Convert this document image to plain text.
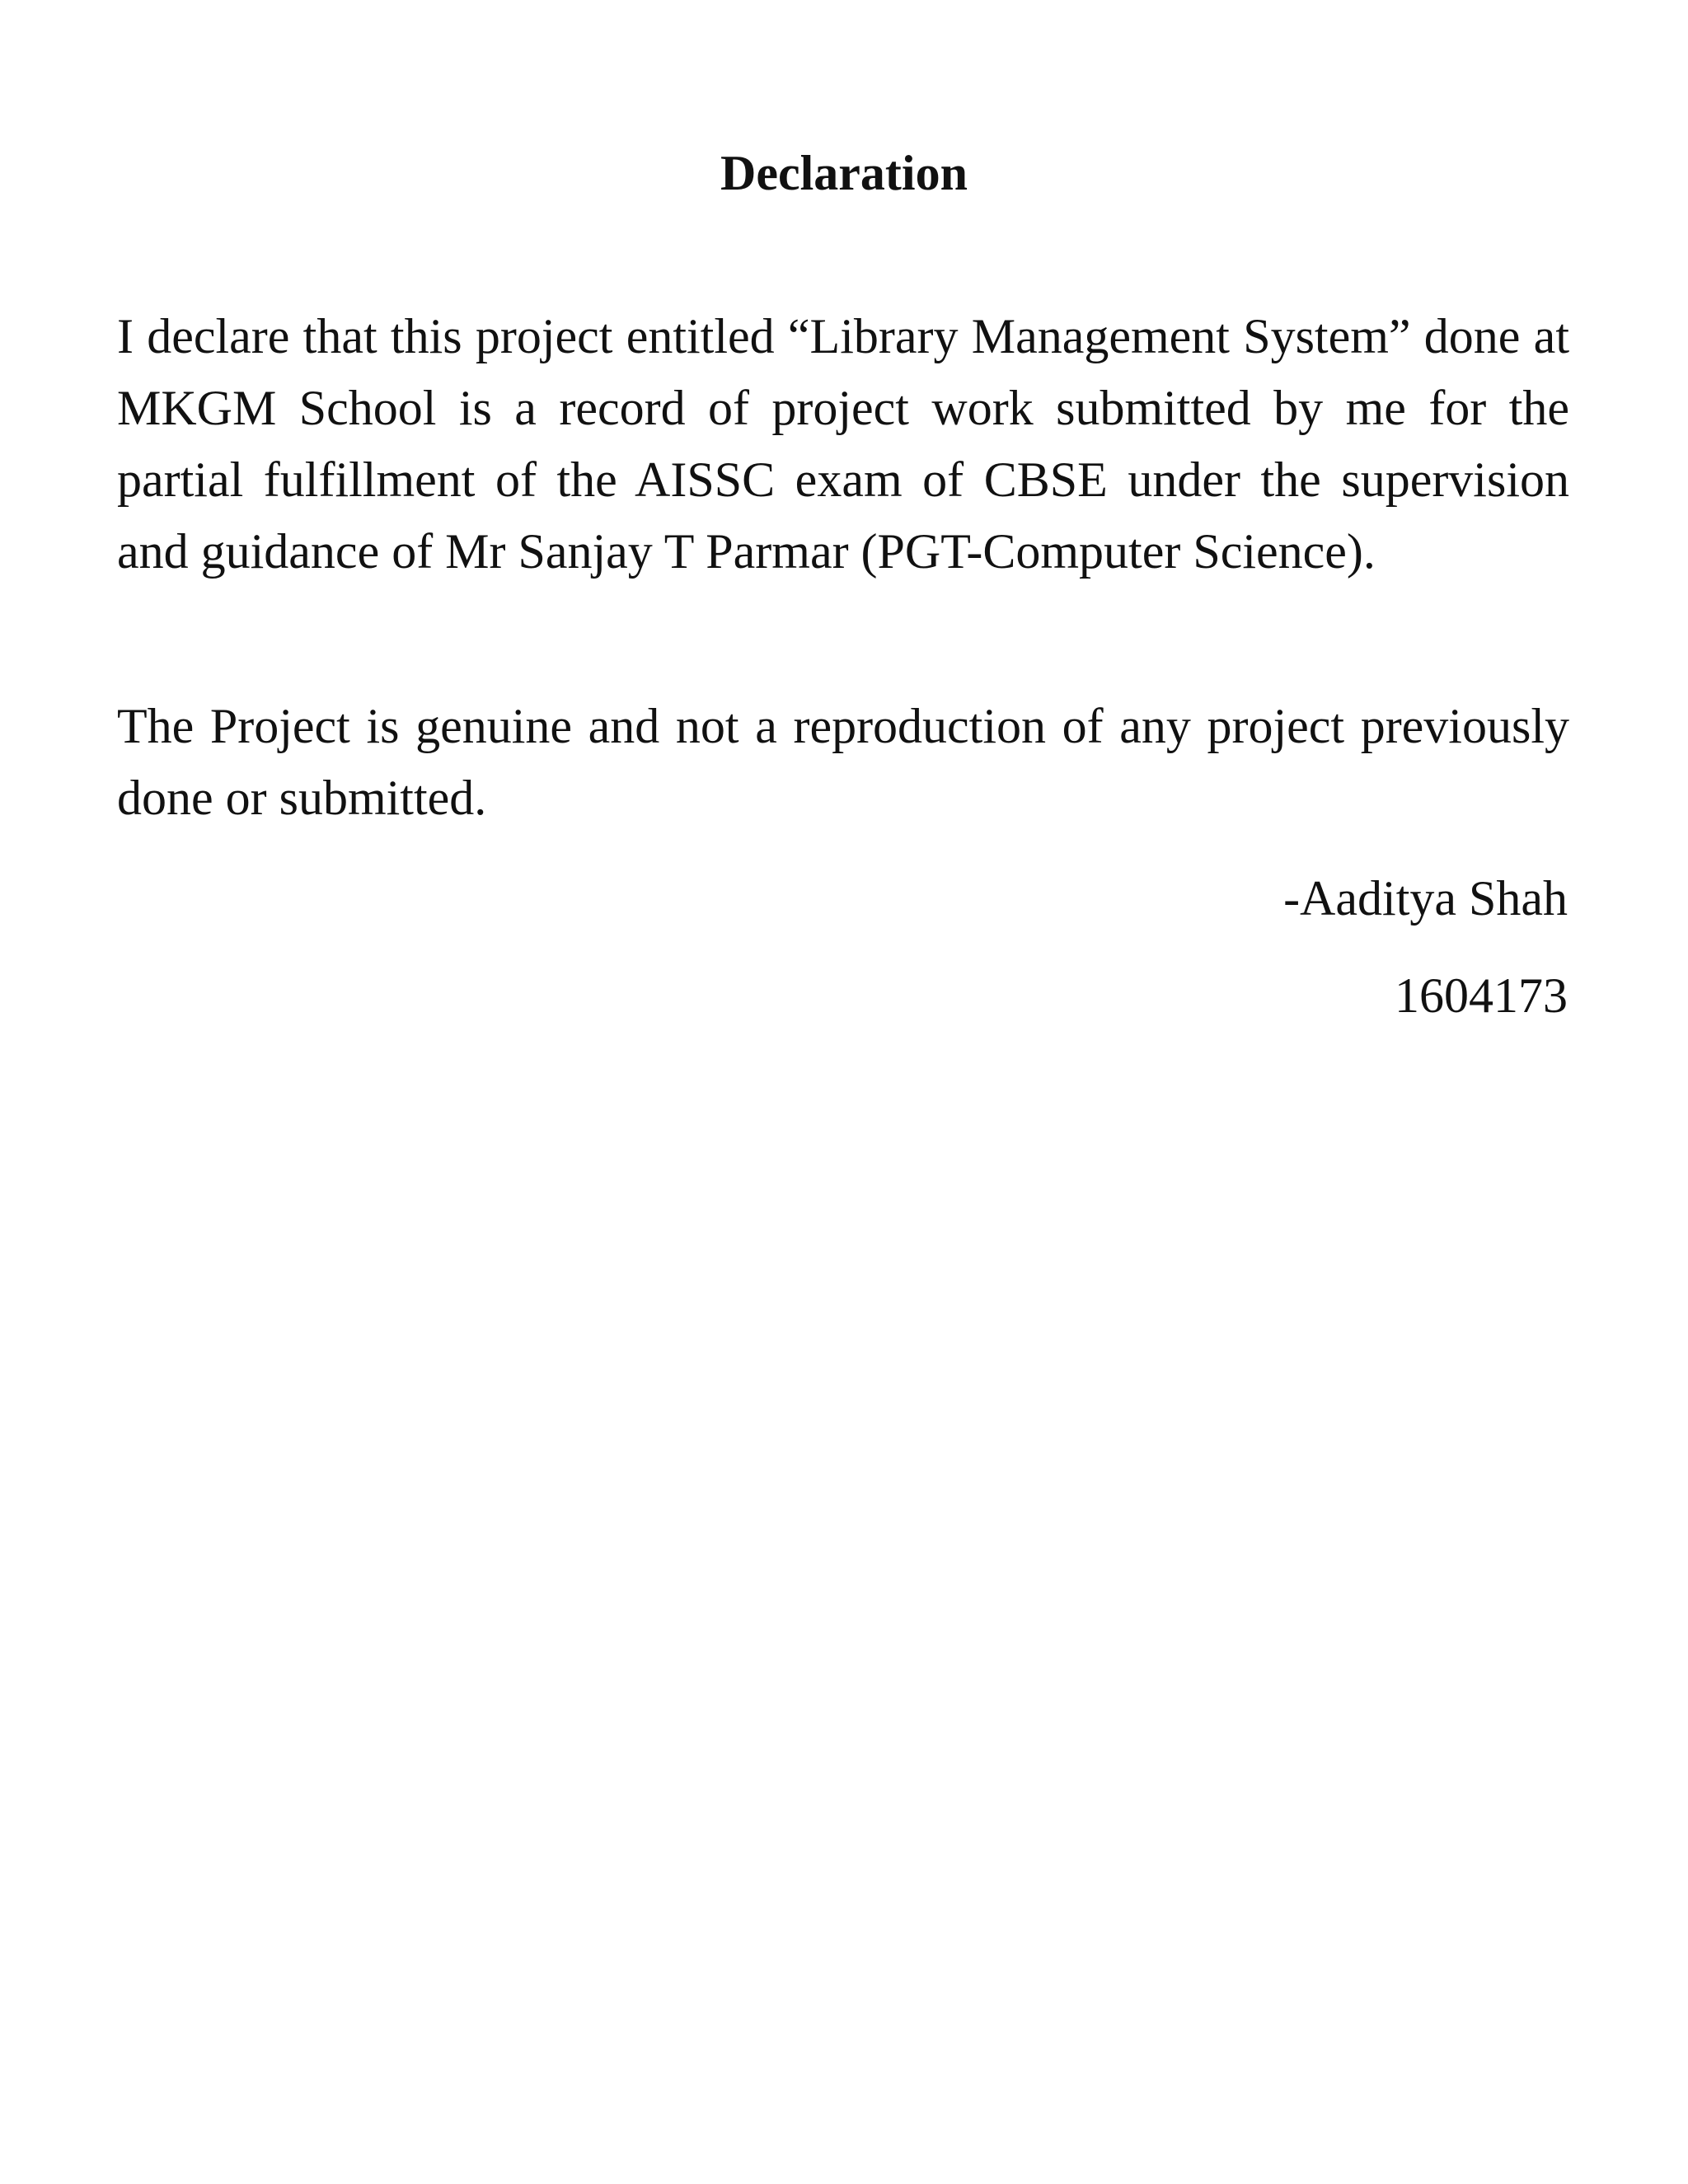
Declaration

I declare that this project entitled “Library Management System” done at MKGM School is a record of project work submitted by me for the partial fulfillment of the AISSC exam of CBSE under the supervision and guidance of Mr Sanjay T Parmar (PGT-Computer Science).

The Project is genuine and not a reproduction of any project previously done or submitted.

-Aaditya Shah

1604173
